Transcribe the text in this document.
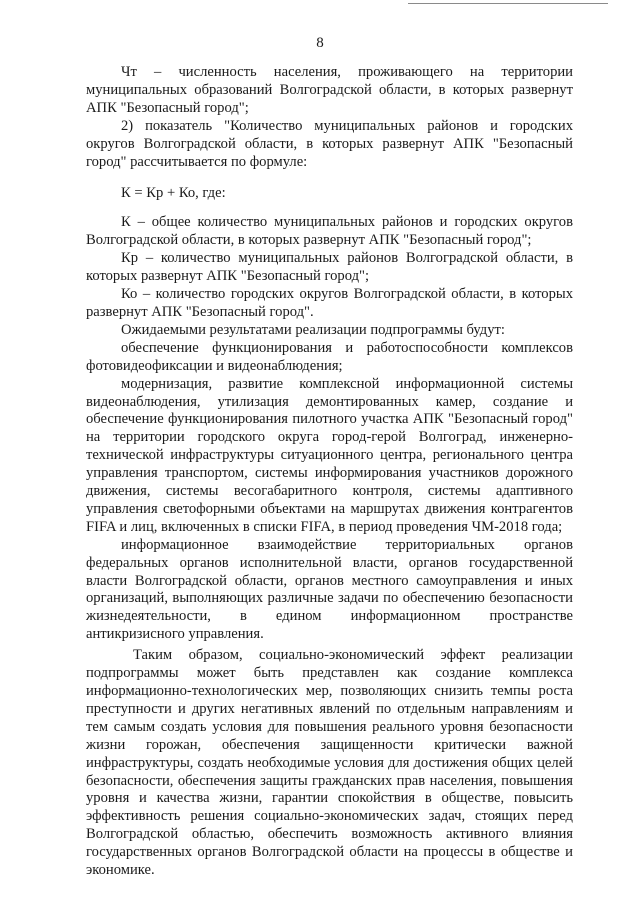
8

Чт – численность населения, проживающего на территории муниципальных образований Волгоградской области, в которых развернут АПК "Безопасный город";

2) показатель "Количество муниципальных районов и городских округов Волгоградской области, в которых развернут АПК "Безопасный город" рассчитывается по формуле:

К = Кр + Ко, где:

К – общее количество муниципальных районов и городских округов Волгоградской области, в которых развернут АПК "Безопасный город";

Кр – количество муниципальных районов Волгоградской области, в которых развернут АПК "Безопасный город";

Ко – количество городских округов Волгоградской области, в которых развернут АПК "Безопасный город".

Ожидаемыми результатами реализации подпрограммы будут:

обеспечение функционирования и работоспособности комплексов фотовидеофиксации и видеонаблюдения;

модернизация, развитие комплексной информационной системы видеонаблюдения, утилизация демонтированных камер, создание и обеспечение функционирования пилотного участка АПК "Безопасный город" на территории городского округа город-герой Волгоград, инженерно-технической инфраструктуры ситуационного центра, регионального центра управления транспортом, системы информирования участников дорожного движения, системы весогабаритного контроля, системы адаптивного управления светофорными объектами на маршрутах движения контрагентов FIFA и лиц, включенных в списки FIFA, в период проведения ЧМ-2018 года;

информационное взаимодействие территориальных органов федеральных органов исполнительной власти, органов государственной власти Волгоградской области, органов местного самоуправления и иных организаций, выполняющих различные задачи по обеспечению безопасности жизнедеятельности, в едином информационном пространстве антикризисного управления.

Таким образом, социально-экономический эффект реализации подпрограммы может быть представлен как создание комплекса информационно-технологических мер, позволяющих снизить темпы роста преступности и других негативных явлений по отдельным направлениям и тем самым создать условия для повышения реального уровня безопасности жизни горожан, обеспечения защищенности критически важной инфраструктуры, создать необходимые условия для достижения общих целей безопасности, обеспечения защиты гражданских прав населения, повышения уровня и качества жизни, гарантии спокойствия в обществе, повысить эффективность решения социально-экономических задач, стоящих перед Волгоградской областью, обеспечить возможность активного влияния государственных органов Волгоградской области на процессы в обществе и экономике.
